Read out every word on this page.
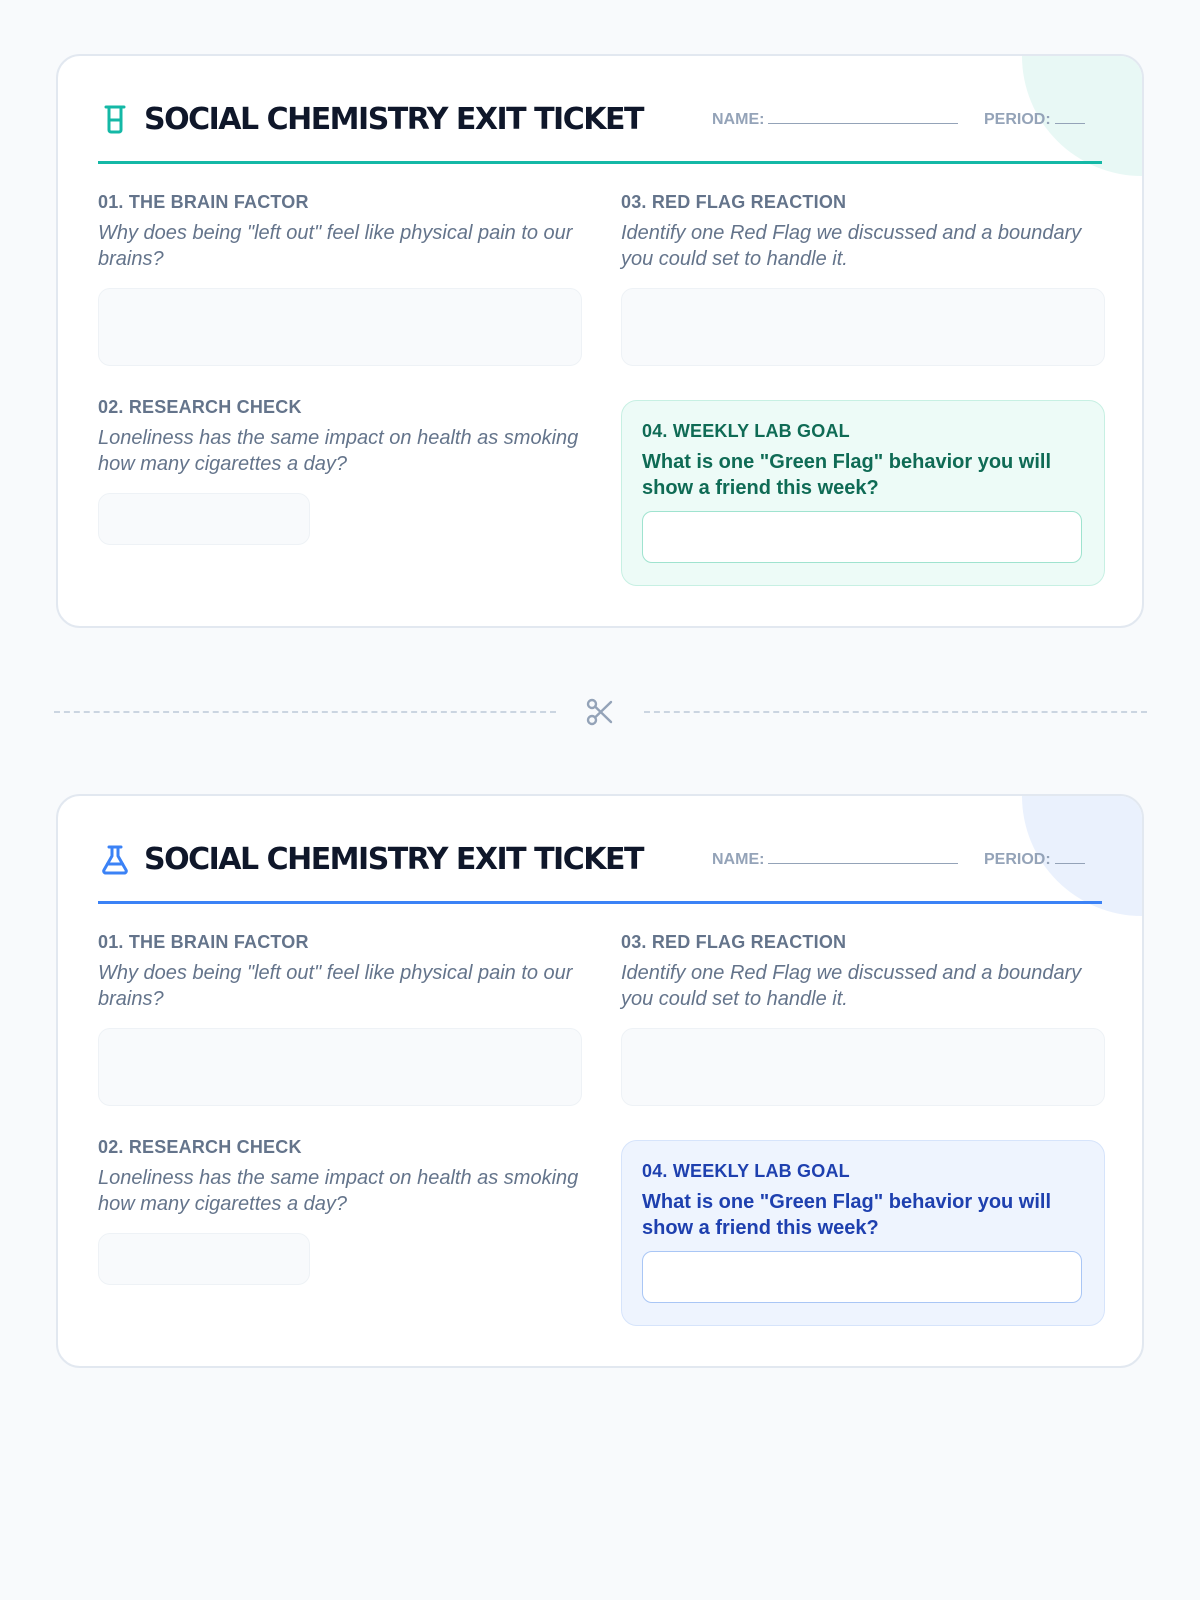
SOCIAL CHEMISTRY EXIT TICKET	NAME:	PERIOD:
01. THE BRAIN FACTOR
Why does being "left out" feel like physical pain to our brains?
03. RED FLAG REACTION
Identify one Red Flag we discussed and a boundary you could set to handle it.
02. RESEARCH CHECK
Loneliness has the same impact on health as smoking how many cigarettes a day?
04. WEEKLY LAB GOAL
What is one "Green Flag" behavior you will show a friend this week?
SOCIAL CHEMISTRY EXIT TICKET	NAME:	PERIOD:
01. THE BRAIN FACTOR
Why does being "left out" feel like physical pain to our brains?
03. RED FLAG REACTION
Identify one Red Flag we discussed and a boundary you could set to handle it.
02. RESEARCH CHECK
Loneliness has the same impact on health as smoking how many cigarettes a day?
04. WEEKLY LAB GOAL
What is one "Green Flag" behavior you will show a friend this week?
